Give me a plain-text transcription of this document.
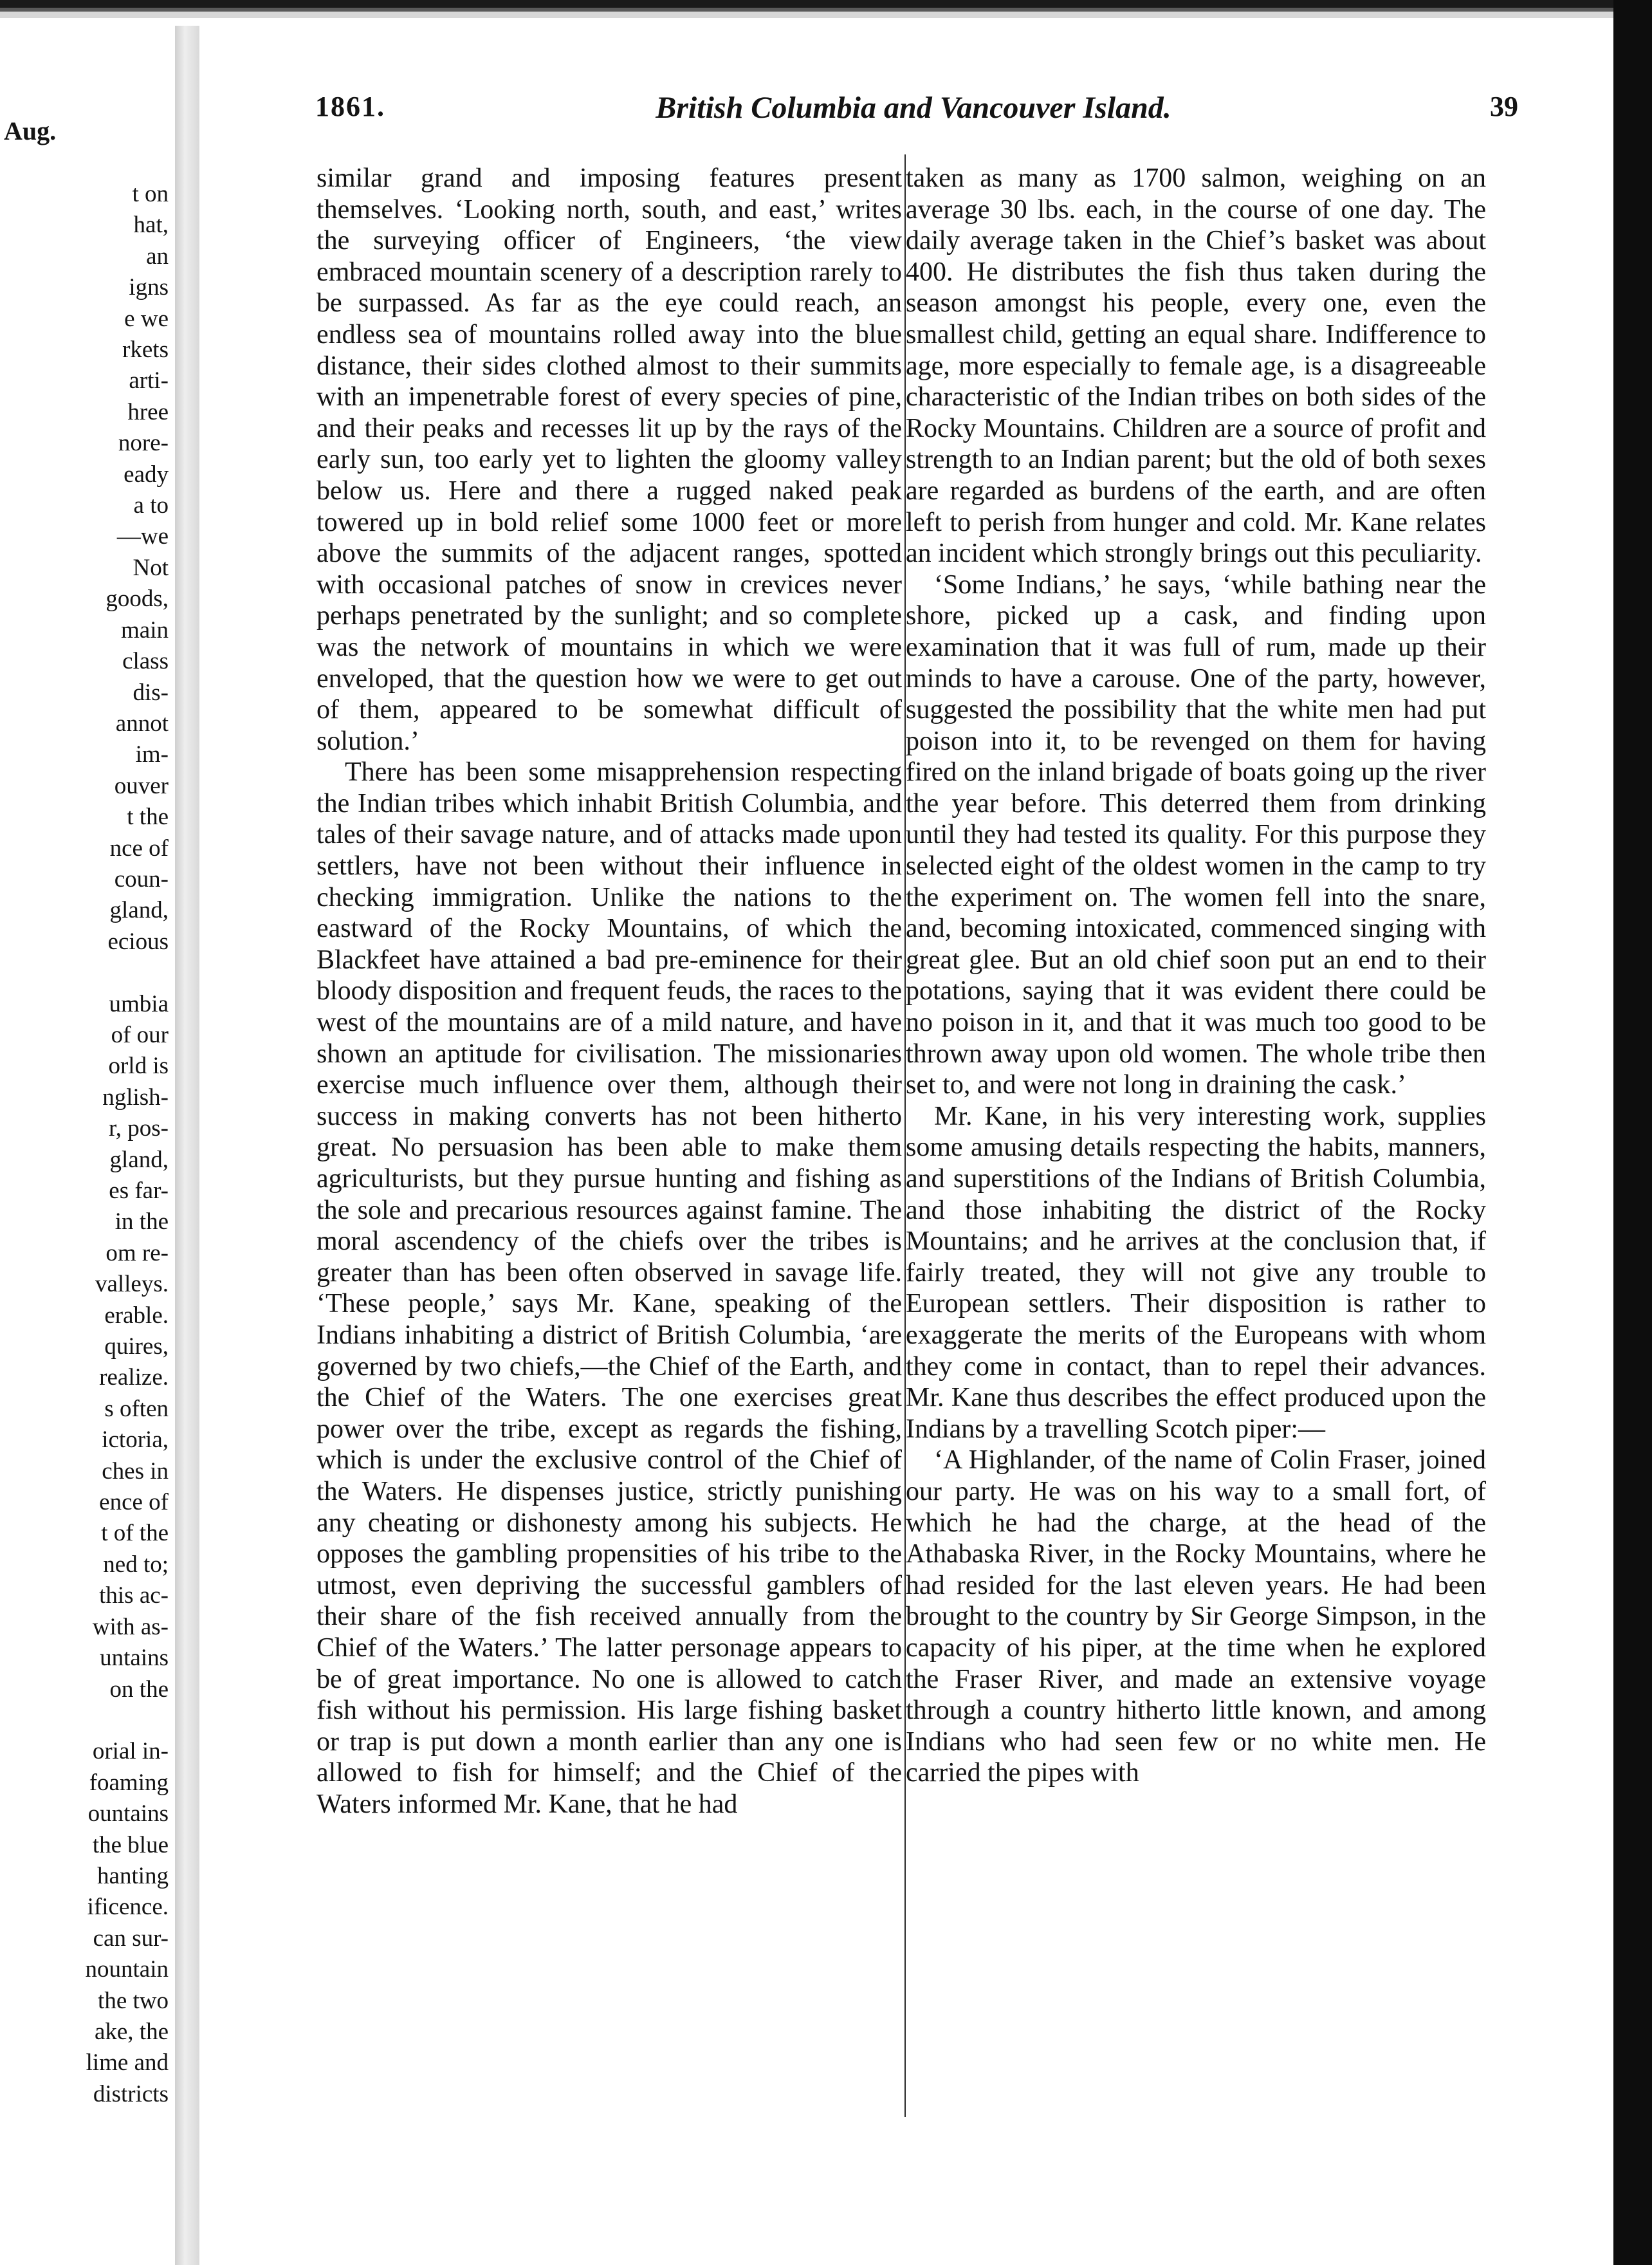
Aug.
t on
hat,
an
igns
e we
rkets
arti-
hree
nore-
eady
a to
—we
Not
goods,
main
class
dis-
annot
im-
ouver
t the
nce of
coun-
gland,
ecious

umbia
of our
orld is
nglish-
r, pos-
gland,
es far-
in the
om re-
valleys.
erable.
quires,
realize.
s often
ictoria,
ches in
ence of
t of the
ned to;
this ac-
with as-
untains
on the

orial in-
foaming
ountains
the blue
hanting
ificence.
can sur-
nountain
the two
ake, the
lime and
districts
1861.	British Columbia and Vancouver Island.	39

similar grand and imposing features present themselves. ‘Looking north, south, and east,’ writes the surveying officer of Engineers, ‘the view embraced mountain scenery of a description rarely to be surpassed. As far as the eye could reach, an endless sea of mountains rolled away into the blue distance, their sides clothed almost to their summits with an impenetrable forest of every species of pine, and their peaks and recesses lit up by the rays of the early sun, too early yet to lighten the gloomy valley below us. Here and there a rugged naked peak towered up in bold relief some 1000 feet or more above the summits of the adjacent ranges, spotted with occasional patches of snow in crevices never perhaps penetrated by the sunlight; and so complete was the network of mountains in which we were enveloped, that the question how we were to get out of them, appeared to be somewhat difficult of solution.’

There has been some misapprehension respecting the Indian tribes which inhabit British Columbia, and tales of their savage nature, and of attacks made upon settlers, have not been without their influence in checking immigration. Unlike the nations to the eastward of the Rocky Mountains, of which the Blackfeet have attained a bad pre-eminence for their bloody disposition and frequent feuds, the races to the west of the mountains are of a mild nature, and have shown an aptitude for civilisation. The missionaries exercise much influence over them, although their success in making converts has not been hitherto great. No persuasion has been able to make them agriculturists, but they pursue hunting and fishing as the sole and precarious resources against famine. The moral ascendency of the chiefs over the tribes is greater than has been often observed in savage life. ‘These people,’ says Mr. Kane, speaking of the Indians inhabiting a district of British Columbia, ‘are governed by two chiefs,—the Chief of the Earth, and the Chief of the Waters. The one exercises great power over the tribe, except as regards the fishing, which is under the exclusive control of the Chief of the Waters. He dispenses justice, strictly punishing any cheating or dishonesty among his subjects. He opposes the gambling propensities of his tribe to the utmost, even depriving the successful gamblers of their share of the fish received annually from the Chief of the Waters.’ The latter personage appears to be of great importance. No one is allowed to catch fish without his permission. His large fishing basket or trap is put down a month earlier than any one is allowed to fish for himself; and the Chief of the Waters informed Mr. Kane, that he had

taken as many as 1700 salmon, weighing on an average 30 lbs. each, in the course of one day. The daily average taken in the Chief’s basket was about 400. He distributes the fish thus taken during the season amongst his people, every one, even the smallest child, getting an equal share. Indifference to age, more especially to female age, is a disagreeable characteristic of the Indian tribes on both sides of the Rocky Mountains. Children are a source of profit and strength to an Indian parent; but the old of both sexes are regarded as burdens of the earth, and are often left to perish from hunger and cold. Mr. Kane relates an incident which strongly brings out this peculiarity.

‘Some Indians,’ he says, ‘while bathing near the shore, picked up a cask, and finding upon examination that it was full of rum, made up their minds to have a carouse. One of the party, however, suggested the possibility that the white men had put poison into it, to be revenged on them for having fired on the inland brigade of boats going up the river the year before. This deterred them from drinking until they had tested its quality. For this purpose they selected eight of the oldest women in the camp to try the experiment on. The women fell into the snare, and, becoming intoxicated, commenced singing with great glee. But an old chief soon put an end to their potations, saying that it was evident there could be no poison in it, and that it was much too good to be thrown away upon old women. The whole tribe then set to, and were not long in draining the cask.’

Mr. Kane, in his very interesting work, supplies some amusing details respecting the habits, manners, and superstitions of the Indians of British Columbia, and those inhabiting the district of the Rocky Mountains; and he arrives at the conclusion that, if fairly treated, they will not give any trouble to European settlers. Their disposition is rather to exaggerate the merits of the Europeans with whom they come in contact, than to repel their advances. Mr. Kane thus describes the effect produced upon the Indians by a travelling Scotch piper:—

‘A Highlander, of the name of Colin Fraser, joined our party. He was on his way to a small fort, of which he had the charge, at the head of the Athabaska River, in the Rocky Mountains, where he had resided for the last eleven years. He had been brought to the country by Sir George Simpson, in the capacity of his piper, at the time when he explored the Fraser River, and made an extensive voyage through a country hitherto little known, and among Indians who had seen few or no white men. He carried the pipes with
